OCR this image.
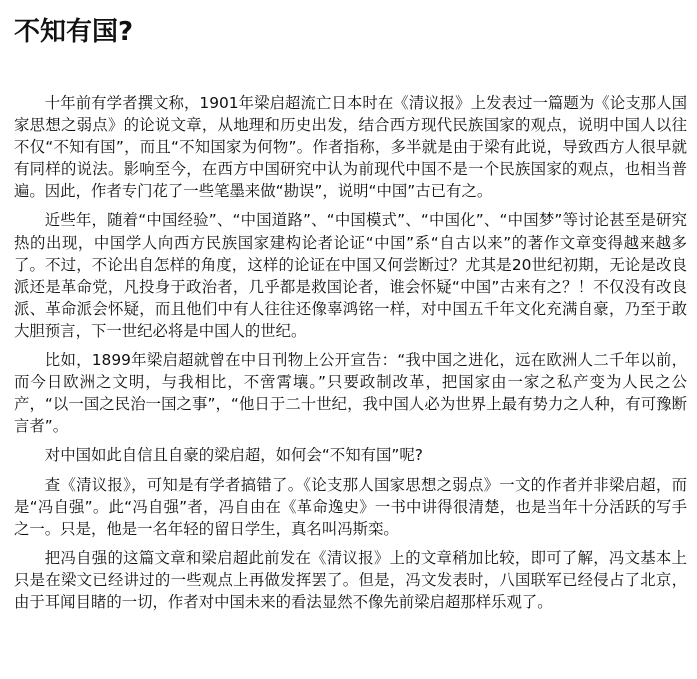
不知有国?

十年前有学者撰文称，1901年梁启超流亡日本时在《清议报》上发表过一篇题为《论支那人国家思想之弱点》的论说文章，从地理和历史出发，结合西方现代民族国家的观点，说明中国人以往不仅“不知有国”，而且“不知国家为何物”。作者指称，多半就是由于梁有此说，导致西方人很早就有同样的说法。影响至今，在西方中国研究中认为前现代中国不是一个民族国家的观点，也相当普遍。因此，作者专门花了一些笔墨来做“勘误”，说明“中国”古已有之。

近些年，随着“中国经验”、“中国道路”、“中国模式”、“中国化”、“中国梦”等讨论甚至是研究热的出现，中国学人向西方民族国家建构论者论证“中国”系“自古以来”的著作文章变得越来越多了。不过，不论出自怎样的角度，这样的论证在中国又何尝断过？尤其是20世纪初期，无论是改良派还是革命党，凡投身于政治者，几乎都是救国论者，谁会怀疑“中国”古来有之？！不仅没有改良派、革命派会怀疑，而且他们中有人往往还像辜鸿铭一样，对中国五千年文化充满自豪，乃至于敢大胆预言，下一世纪必将是中国人的世纪。

比如，1899年梁启超就曾在中日刊物上公开宣告：“我中国之进化，远在欧洲人二千年以前，而今日欧洲之文明，与我相比，不啻霄壤。”只要政制改革，把国家由一家之私产变为人民之公产，“以一国之民治一国之事”，“他日于二十世纪，我中国人必为世界上最有势力之人种，有可豫断言者”。

对中国如此自信且自豪的梁启超，如何会“不知有国”呢?

查《清议报》，可知是有学者搞错了。《论支那人国家思想之弱点》一文的作者并非梁启超，而是“冯自强”。此“冯自强”者，冯自由在《革命逸史》一书中讲得很清楚，也是当年十分活跃的写手之一。只是，他是一名年轻的留日学生，真名叫冯斯栾。

把冯自强的这篇文章和梁启超此前发在《清议报》上的文章稍加比较，即可了解，冯文基本上只是在梁文已经讲过的一些观点上再做发挥罢了。但是，冯文发表时，八国联军已经侵占了北京，由于耳闻目睹的一切，作者对中国未来的看法显然不像先前梁启超那样乐观了。
